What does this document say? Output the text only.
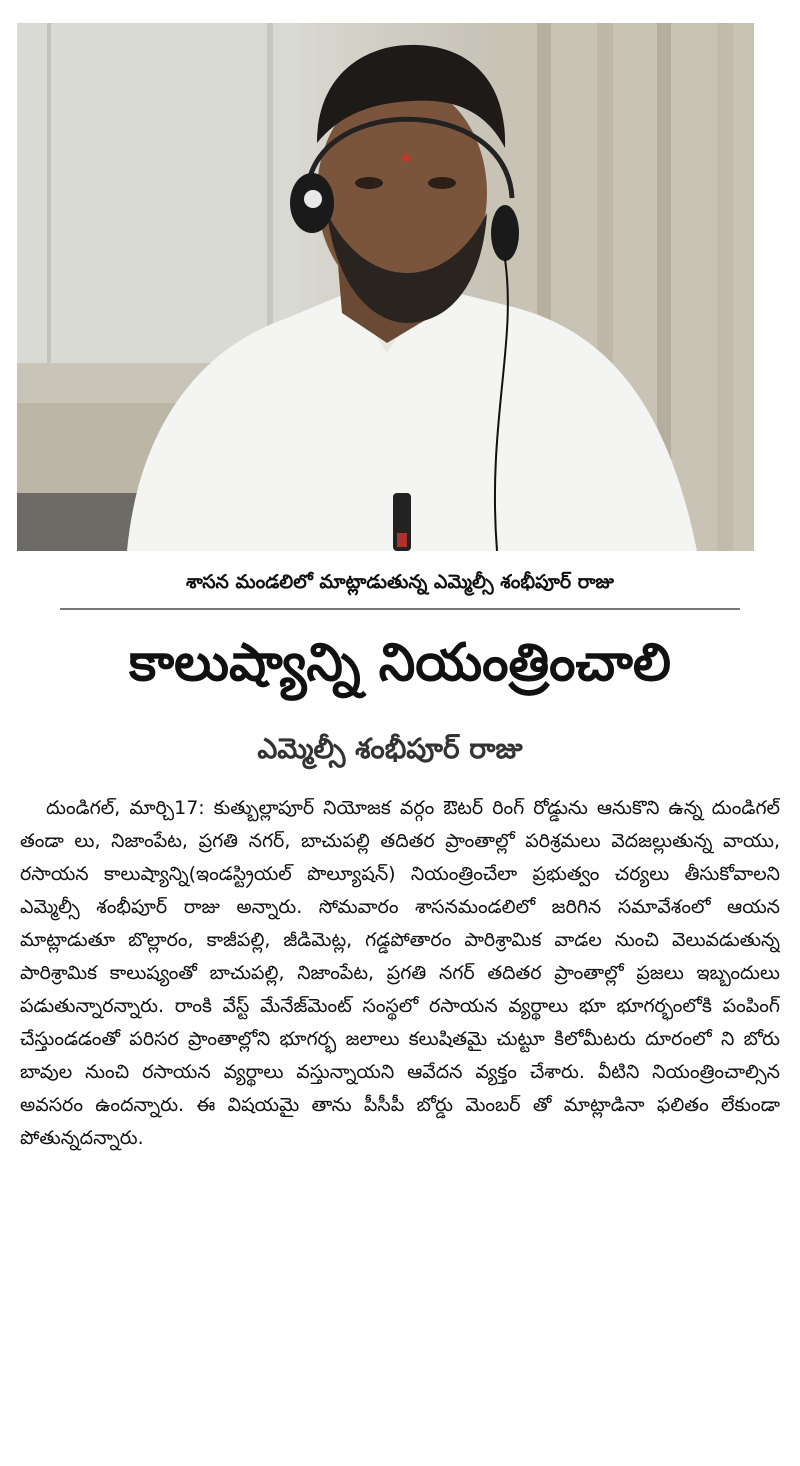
శాసన మండలిలో మాట్లాడుతున్న ఎమ్మెల్సీ శంభీపూర్‌ రాజు
కాలుష్యాన్ని నియంత్రించాలి
ఎమ్మెల్సీ శంభీపూర్‌ రాజు
దుండిగల్‌, మార్చి17: కుత్బుల్లాపూర్‌ నియోజక వర్గం ఔటర్‌ రింగ్‌ రోడ్డును ఆనుకొని ఉన్న దుండిగల్‌ తండా లు, నిజాంపేట, ప్రగతి నగర్‌, బాచుపల్లి తదితర ప్రాంతాల్లో పరిశ్రమలు వెదజల్లుతున్న వాయు, రసాయన కాలుష్యాన్ని(ఇండస్ట్రియల్‌ పొల్యూషన్‌) నియంత్రించేలా ప్రభుత్వం చర్యలు తీసుకోవాలని ఎమ్మెల్సీ శంభీపూర్‌ రాజు అన్నారు. సోమవారం శాసనమండలిలో జరిగిన సమావేశంలో ఆయన మాట్లాడుతూ బొల్లారం, కాజీపల్లి, జీడిమెట్ల, గడ్డపోతారం పారిశ్రామిక వాడల నుంచి వెలువడుతున్న పారిశ్రామిక కాలుష్యంతో బాచుపల్లి, నిజాంపేట, ప్రగతి నగర్‌ తదితర ప్రాంతాల్లో ప్రజలు ఇబ్బందులు పడుతున్నారన్నారు. రాంకి వేస్ట్‌ మేనేజ్‌మెంట్‌ సంస్థలో రసాయన వ్యర్థాలు భూ భూగర్భంలోకి పంపింగ్‌ చేస్తుండడంతో పరిసర ప్రాంతాల్లోని భూగర్భ జలాలు కలుషితమై చుట్టూ కిలోమీటరు దూరంలో ని బోరు బావుల నుంచి రసాయన వ్యర్థాలు వస్తున్నాయని ఆవేదన వ్యక్తం చేశారు. వీటిని నియంత్రించాల్సిన అవసరం ఉందన్నారు. ఈ విషయమై తాను పీసీపీ బోర్డు మెంబర్‌ తో మాట్లాడినా ఫలితం లేకుండా పోతున్నదన్నారు.
